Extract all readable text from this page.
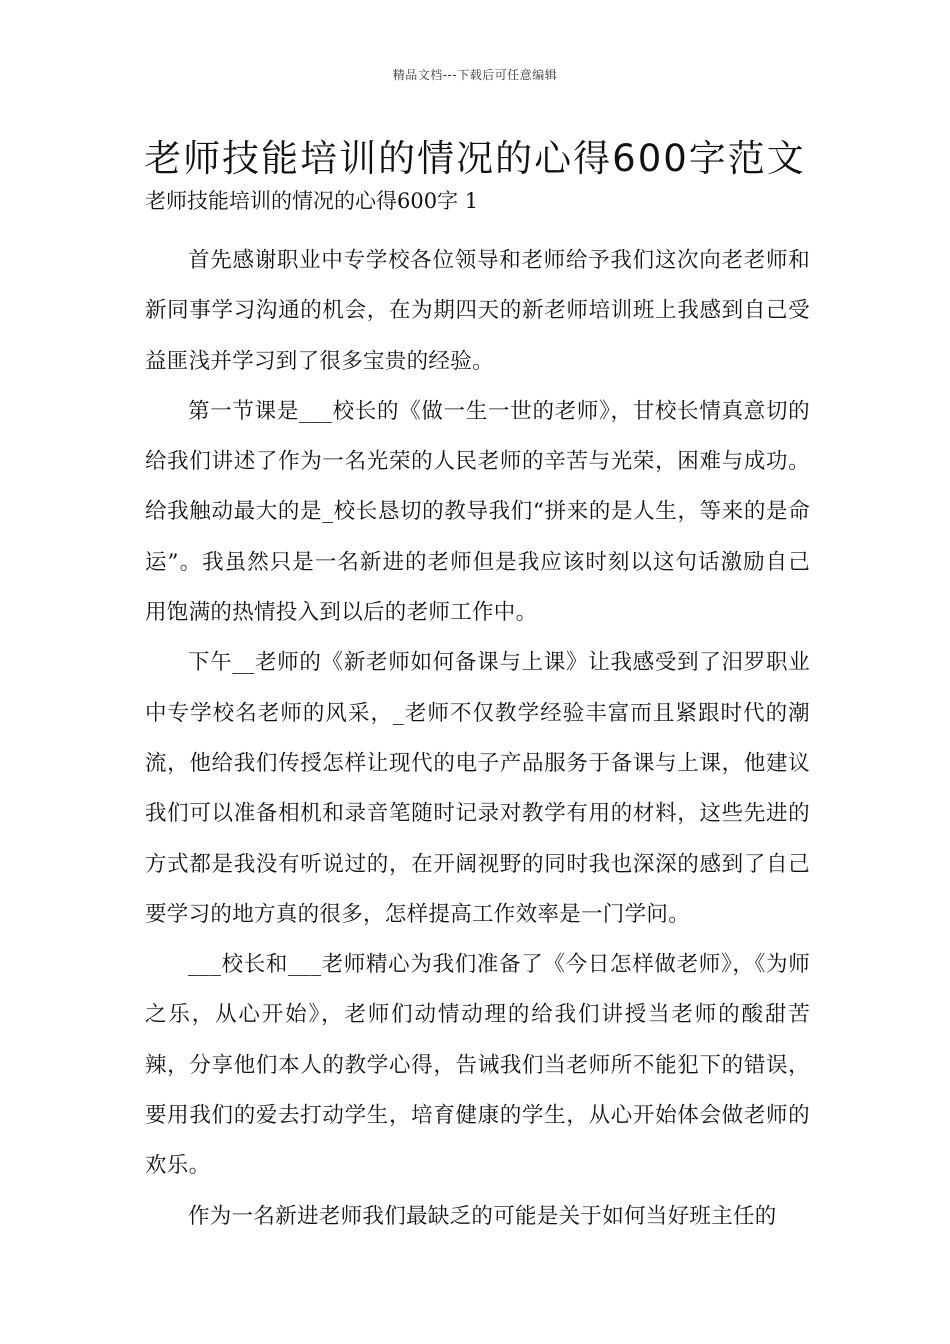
精品文档---下载后可任意编辑
老师技能培训的情况的心得600字范文

老师技能培训的情况的心得600字 1

首先感谢职业中专学校各位领导和老师给予我们这次向老老师和新同事学习沟通的机会，在为期四天的新老师培训班上我感到自己受益匪浅并学习到了很多宝贵的经验。

第一节课是___校长的《做一生一世的老师》，甘校长情真意切的给我们讲述了作为一名光荣的人民老师的辛苦与光荣，困难与成功。给我触动最大的是_校长恳切的教导我们“拼来的是人生，等来的是命运”。我虽然只是一名新进的老师但是我应该时刻以这句话激励自己用饱满的热情投入到以后的老师工作中。

下午__老师的《新老师如何备课与上课》让我感受到了汨罗职业中专学校名老师的风采，_老师不仅教学经验丰富而且紧跟时代的潮流，他给我们传授怎样让现代的电子产品服务于备课与上课，他建议我们可以准备相机和录音笔随时记录对教学有用的材料，这些先进的方式都是我没有听说过的，在开阔视野的同时我也深深的感到了自己要学习的地方真的很多，怎样提高工作效率是一门学问。

___校长和___老师精心为我们准备了《今日怎样做老师》，《为师之乐，从心开始》，老师们动情动理的给我们讲授当老师的酸甜苦辣，分享他们本人的教学心得，告诫我们当老师所不能犯下的错误，要用我们的爱去打动学生，培育健康的学生，从心开始体会做老师的欢乐。

作为一名新进老师我们最缺乏的可能是关于如何当好班主任的
